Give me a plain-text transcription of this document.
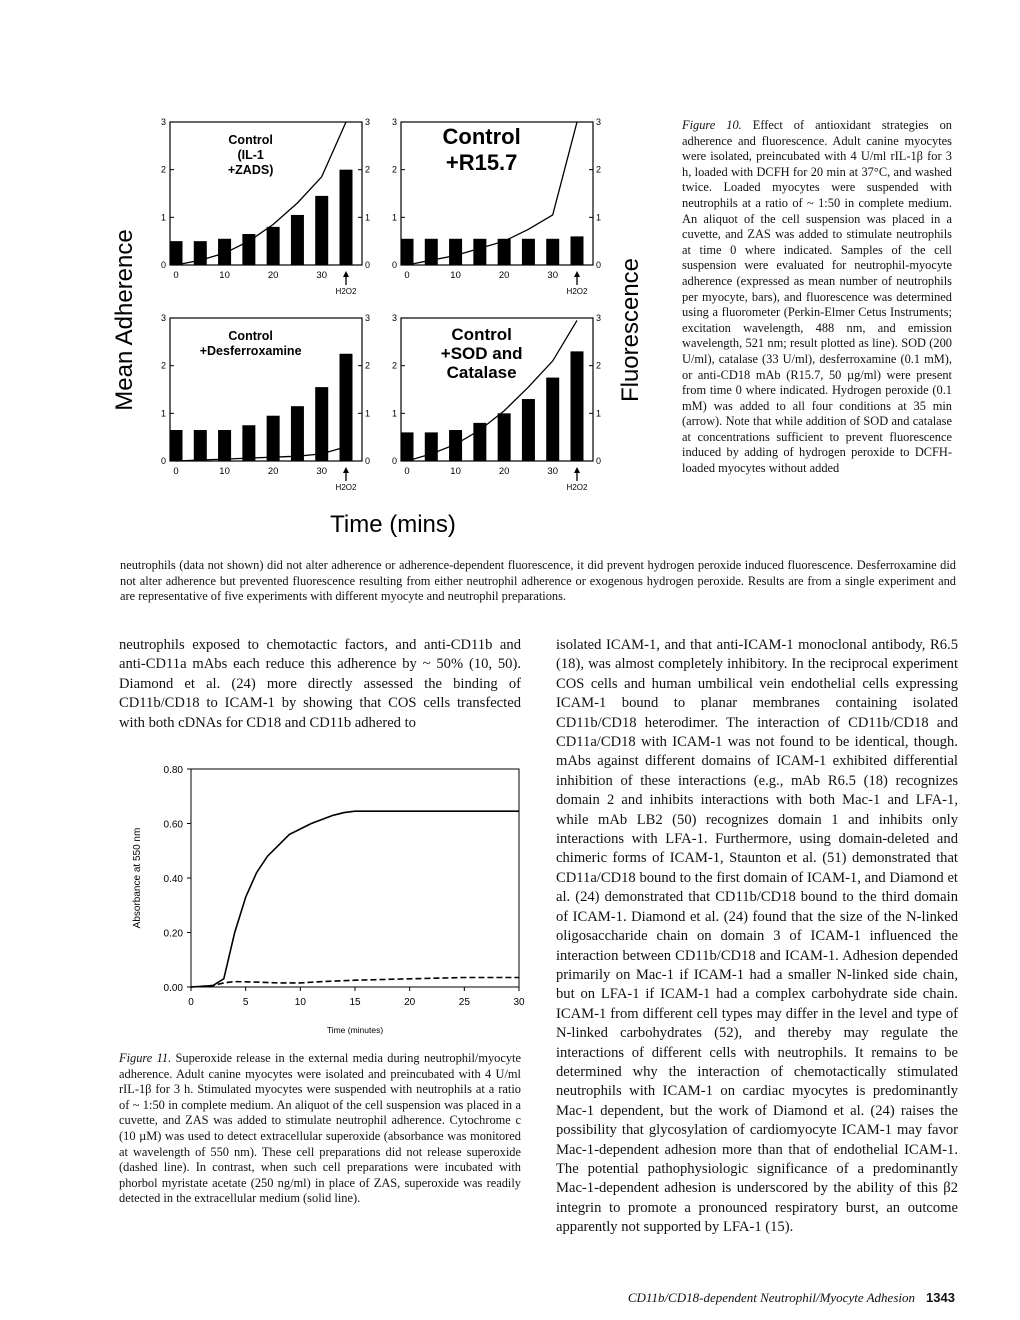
Mean Adherence	Fluorescence
Time (mins)
0	0
1	1
2	2
3	3
0	10	20	30
H2O2
Control
(IL-1
+ZADS)
0	0
1	1
2	2
3	3
0	10	20	30
H2O2
Control
+R15.7
0	0
1	1
2	2
3	3
0	10	20	30
H2O2
Control
+Desferroxamine
0	0
1	1
2	2
3	3
0	10	20	30
H2O2
Control
+SOD and
Catalase
Figure 10. Effect of antioxidant strategies on adherence and fluorescence. Adult canine myocytes were isolated, preincubated with 4 U/ml rIL-1β for 3 h, loaded with DCFH for 20 min at 37°C, and washed twice. Loaded myocytes were suspended with neutrophils at a ratio of ~ 1:50 in complete medium. An aliquot of the cell suspension was placed in a cuvette, and ZAS was added to stimulate neutrophils at time 0 where indicated. Samples of the cell suspension were evaluated for neutrophil-myocyte adherence (expressed as mean number of neutrophils per myocyte, bars), and fluorescence was determined using a fluorometer (Perkin-Elmer Cetus Instruments; excitation wavelength, 488 nm, and emission wavelength, 521 nm; result plotted as line). SOD (200 U/ml), catalase (33 U/ml), desferroxamine (0.1 mM), or anti-CD18 mAb (R15.7, 50 µg/ml) were present from time 0 where indicated. Hydrogen peroxide (0.1 mM) was added to all four conditions at 35 min (arrow). Note that while addition of SOD and catalase at concentrations sufficient to prevent fluorescence induced by adding of hydrogen peroxide to DCFH-loaded myocytes without added
neutrophils (data not shown) did not alter adherence or adherence-dependent fluorescence, it did prevent hydrogen peroxide induced fluorescence. Desferroxamine did not alter adherence but prevented fluorescence resulting from either neutrophil adherence or exogenous hydrogen peroxide. Results are from a single experiment and are representative of five experiments with different myocyte and neutrophil preparations.
neutrophils exposed to chemotactic factors, and anti-CD11b and anti-CD11a mAbs each reduce this adherence by ~ 50% (10, 50). Diamond et al. (24) more directly assessed the binding of CD11b/CD18 to ICAM-1 by showing that COS cells transfected with both cDNAs for CD18 and CD11b adhered to
0.00
0.20
0.40
0.60
0.80
0	5	10	15	20	25	30
Absorbance at 550 nm
Time (minutes)
Figure 11. Superoxide release in the external media during neutrophil/myocyte adherence. Adult canine myocytes were isolated and preincubated with 4 U/ml rIL-1β for 3 h. Stimulated myocytes were suspended with neutrophils at a ratio of ~ 1:50 in complete medium. An aliquot of the cell suspension was placed in a cuvette, and ZAS was added to stimulate neutrophil adherence. Cytochrome c (10 µM) was used to detect extracellular superoxide (absorbance was monitored at wavelength of 550 nm). These cell preparations did not release superoxide (dashed line). In contrast, when such cell preparations were incubated with phorbol myristate acetate (250 ng/ml) in place of ZAS, superoxide was readily detected in the extracellular medium (solid line).
isolated ICAM-1, and that anti-ICAM-1 monoclonal antibody, R6.5 (18), was almost completely inhibitory. In the reciprocal experiment COS cells and human umbilical vein endothelial cells expressing ICAM-1 bound to planar membranes containing isolated CD11b/CD18 heterodimer. The interaction of CD11b/CD18 and CD11a/CD18 with ICAM-1 was not found to be identical, though. mAbs against different domains of ICAM-1 exhibited differential inhibition of these interactions (e.g., mAb R6.5 (18) recognizes domain 2 and inhibits interactions with both Mac-1 and LFA-1, while mAb LB2 (50) recognizes domain 1 and inhibits only interactions with LFA-1. Furthermore, using domain-deleted and chimeric forms of ICAM-1, Staunton et al. (51) demonstrated that CD11a/CD18 bound to the first domain of ICAM-1, and Diamond et al. (24) demonstrated that CD11b/CD18 bound to the third domain of ICAM-1. Diamond et al. (24) found that the size of the N-linked oligosaccharide chain on domain 3 of ICAM-1 influenced the interaction between CD11b/CD18 and ICAM-1. Adhesion depended primarily on Mac-1 if ICAM-1 had a smaller N-linked side chain, but on LFA-1 if ICAM-1 had a complex carbohydrate side chain. ICAM-1 from different cell types may differ in the level and type of N-linked carbohydrates (52), and thereby may regulate the interactions of different cells with neutrophils. It remains to be determined why the interaction of chemotactically stimulated neutrophils with ICAM-1 on cardiac myocytes is predominantly Mac-1 dependent, but the work of Diamond et al. (24) raises the possibility that glycosylation of cardiomyocyte ICAM-1 may favor Mac-1-dependent adhesion more than that of endothelial ICAM-1. The potential pathophysiologic significance of a predominantly Mac-1-dependent adhesion is underscored by the ability of this β2 integrin to promote a pronounced respiratory burst, an outcome apparently not supported by LFA-1 (15).
CD11b/CD18-dependent Neutrophil/Myocyte Adhesion 1343
